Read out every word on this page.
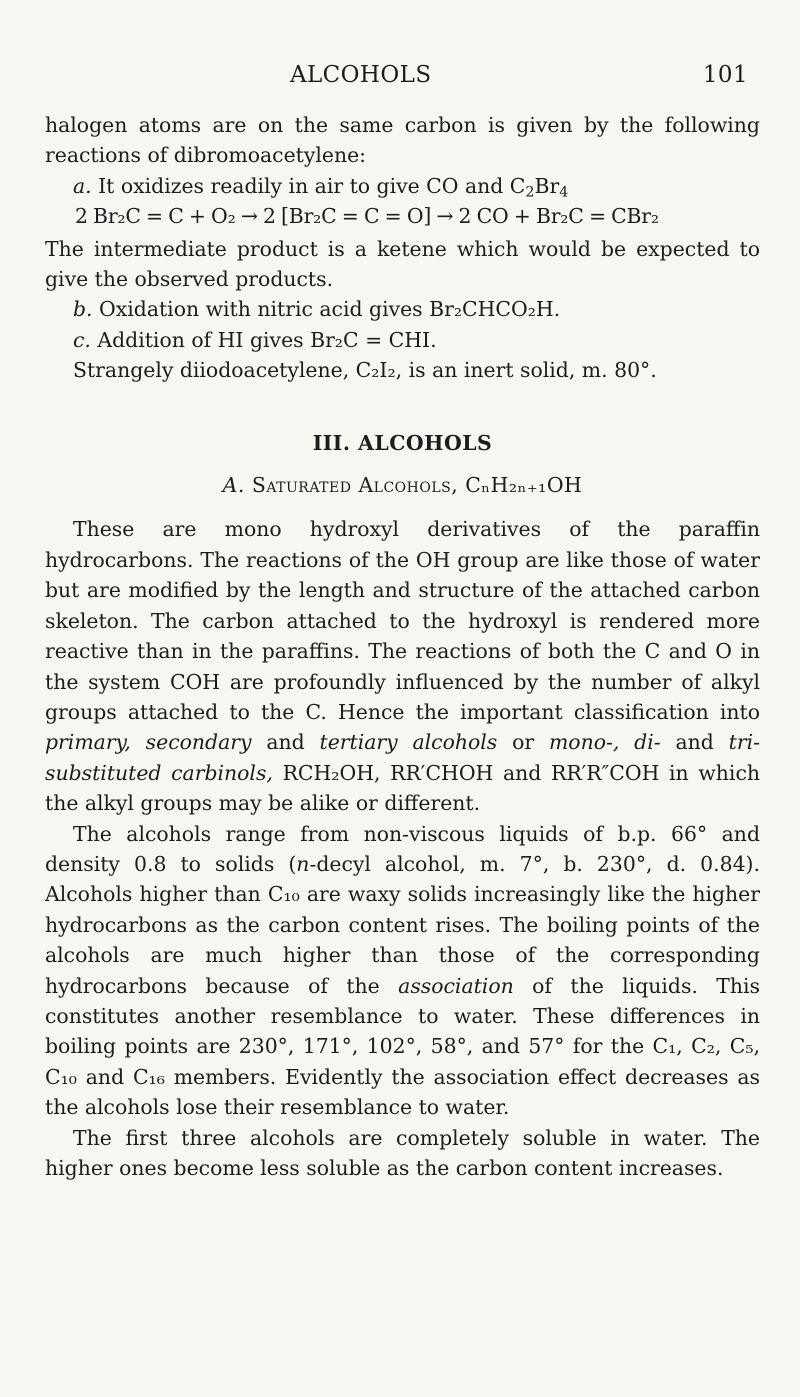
ALCOHOLS	101

halogen atoms are on the same carbon is given by the following reactions of dibromoacetylene:

a. It oxidizes readily in air to give CO and $C_2Br_4$

2 Br₂C = C + O₂ → 2 [Br₂C = C = O] → 2 CO + Br₂C = CBr₂

The intermediate product is a ketene which would be expected to give the observed products.

b. Oxidation with nitric acid gives Br₂CHCO₂H.

c. Addition of HI gives Br₂C = CHI.

Strangely diiodoacetylene, C₂I₂, is an inert solid, m. 80°.

III. ALCOHOLS
A. Saturated Alcohols, CₙH₂ₙ₊₁OH

These are mono hydroxyl derivatives of the paraffin hydrocarbons. The reactions of the OH group are like those of water but are modified by the length and structure of the attached carbon skeleton. The carbon attached to the hydroxyl is rendered more reactive than in the paraffins. The reactions of both the C and O in the system COH are profoundly influenced by the number of alkyl groups attached to the C. Hence the important classification into primary, secondary and tertiary alcohols or mono-, di- and tri- substituted carbinols, RCH₂OH, RR′CHOH and RR′R″COH in which the alkyl groups may be alike or different.

The alcohols range from non-viscous liquids of b.p. 66° and density 0.8 to solids (n-decyl alcohol, m. 7°, b. 230°, d. 0.84). Alcohols higher than C₁₀ are waxy solids increasingly like the higher hydrocarbons as the carbon content rises. The boiling points of the alcohols are much higher than those of the corresponding hydrocarbons because of the association of the liquids. This constitutes another resemblance to water. These differences in boiling points are 230°, 171°, 102°, 58°, and 57° for the C₁, C₂, C₅, C₁₀ and C₁₆ members. Evidently the association effect decreases as the alcohols lose their resemblance to water.

The first three alcohols are completely soluble in water. The higher ones become less soluble as the carbon content increases.
